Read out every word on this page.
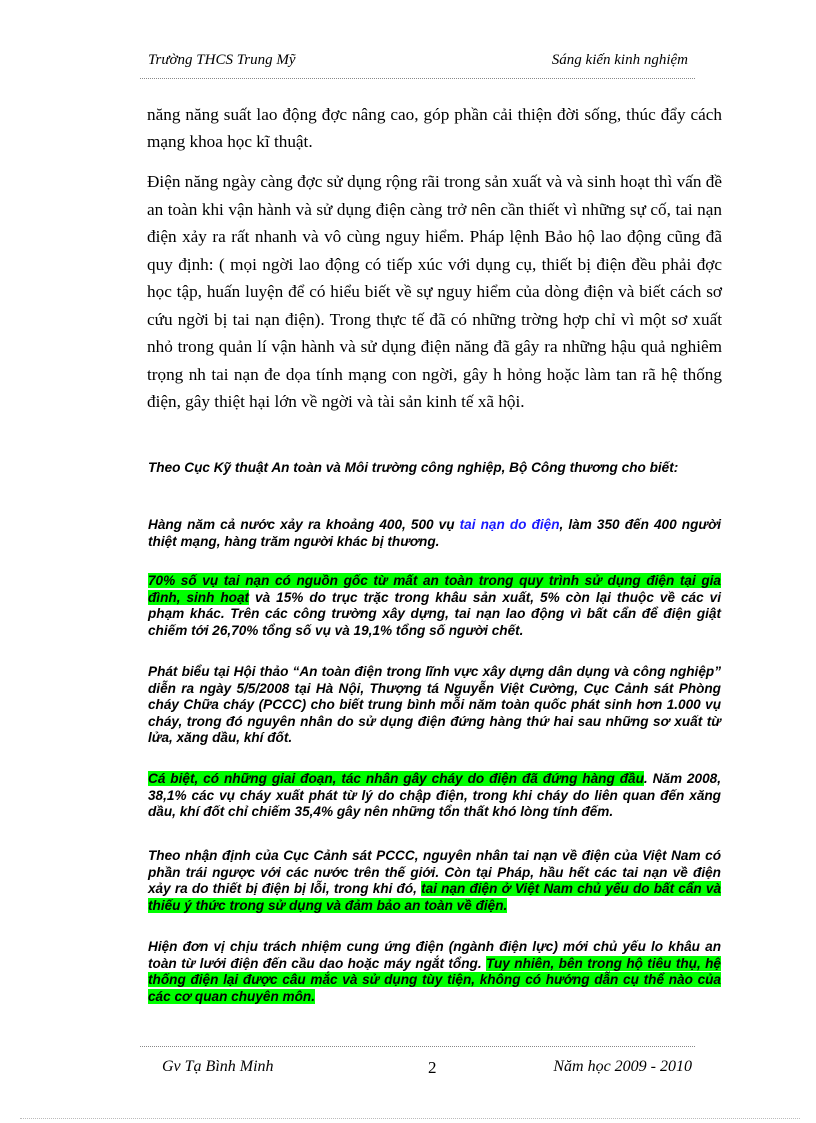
Trường THCS Trung Mỹ	Sáng kiến kinh nghiệm
năng năng suất lao động đợc nâng cao, góp phần cải thiện đời sống, thúc đẩy cách mạng khoa học kĩ thuật.
Điện năng ngày càng đợc sử dụng rộng rãi trong sản xuất và và sinh hoạt thì vấn đề an toàn khi vận hành và sử dụng điện càng trở nên cần thiết vì những sự cố, tai nạn điện xảy ra rất nhanh và vô cùng nguy hiểm. Pháp lệnh Bảo hộ lao động cũng đã quy định: ( mọi ngời lao động có tiếp xúc với dụng cụ, thiết bị điện đều phải đợc học tập, huấn luyện để có hiểu biết về sự nguy hiểm của dòng điện và biết cách sơ cứu ngời bị tai nạn điện). Trong thực tế đã có những trờng hợp chỉ vì một sơ xuất nhỏ trong quản lí vận hành và sử dụng điện năng đã gây ra những hậu quả nghiêm trọng nh tai nạn đe dọa tính mạng con ngời, gây h hỏng hoặc làm tan rã hệ thống điện, gây thiệt hại lớn về ngời và tài sản kinh tế xã hội.
Theo Cục Kỹ thuật An toàn và Môi trường công nghiệp, Bộ Công thương cho biết:
Hàng năm cả nước xảy ra khoảng 400, 500 vụ tai nạn do điện, làm 350 đến 400 người thiệt mạng, hàng trăm người khác bị thương.
70% số vụ tai nạn có nguồn gốc từ mất an toàn trong quy trình sử dụng điện tại gia đình, sinh hoạt và 15% do trục trặc trong khâu sản xuất, 5% còn lại thuộc về các vi phạm khác. Trên các công trường xây dựng, tai nạn lao động vì bất cẩn để điện giật chiếm tới 26,70% tổng số vụ và 19,1% tổng số người chết.
Phát biểu tại Hội thảo “An toàn điện trong lĩnh vực xây dựng dân dụng và công nghiệp” diễn ra ngày 5/5/2008 tại Hà Nội, Thượng tá Nguyễn Việt Cường, Cục Cảnh sát Phòng cháy Chữa cháy (PCCC) cho biết trung bình mỗi năm toàn quốc phát sinh hơn 1.000 vụ cháy, trong đó nguyên nhân do sử dụng điện đứng hàng thứ hai sau những sơ xuất từ lửa, xăng dầu, khí đốt.
Cá biệt, có những giai đoạn, tác nhân gây cháy do điện đã đứng hàng đầu. Năm 2008, 38,1% các vụ cháy xuất phát từ lý do chập điện, trong khi cháy do liên quan đến xăng dầu, khí đốt chỉ chiếm 35,4% gây nên những tổn thất khó lòng tính đếm.
Theo nhận định của Cục Cảnh sát PCCC, nguyên nhân tai nạn về điện của Việt Nam có phần trái ngược với các nước trên thế giới. Còn tại Pháp, hầu hết các tai nạn về điện xảy ra do thiết bị điện bị lỗi, trong khi đó, tai nạn điện ở Việt Nam chủ yếu do bất cẩn và thiếu ý thức trong sử dụng và đảm bảo an toàn về điện.
Hiện đơn vị chịu trách nhiệm cung ứng điện (ngành điện lực) mới chủ yếu lo khâu an toàn từ lưới điện đến cầu dao hoặc máy ngắt tổng. Tuy nhiên, bên trong hộ tiêu thụ, hệ thống điện lại được câu mắc và sử dụng tùy tiện, không có hướng dẫn cụ thể nào của các cơ quan chuyên môn.
Gv Tạ Bình Minh	2	Năm học 2009 - 2010
